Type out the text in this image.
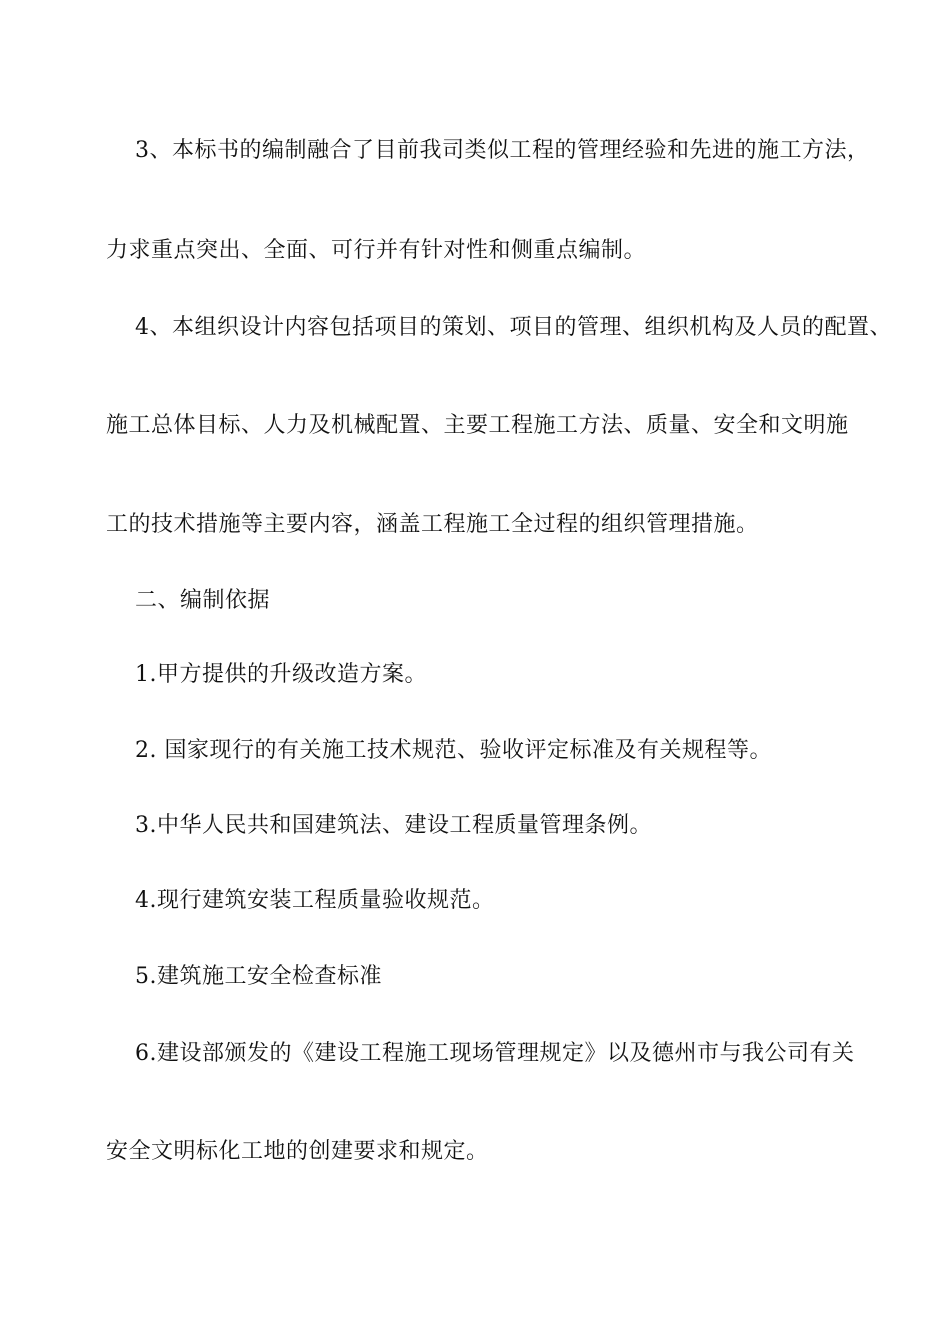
3、本标书的编制融合了目前我司类似工程的管理经验和先进的施工方法，
力求重点突出、全面、可行并有针对性和侧重点编制。
4、本组织设计内容包括项目的策划、项目的管理、组织机构及人员的配置、
施工总体目标、人力及机械配置、主要工程施工方法、质量、安全和文明施
工的技术措施等主要内容，涵盖工程施工全过程的组织管理措施。
二、编制依据
1.甲方提供的升级改造方案。
2. 国家现行的有关施工技术规范、验收评定标准及有关规程等。
3.中华人民共和国建筑法、建设工程质量管理条例。
4.现行建筑安装工程质量验收规范。
5.建筑施工安全检查标准
6.建设部颁发的《建设工程施工现场管理规定》以及德州市与我公司有关
安全文明标化工地的创建要求和规定。
